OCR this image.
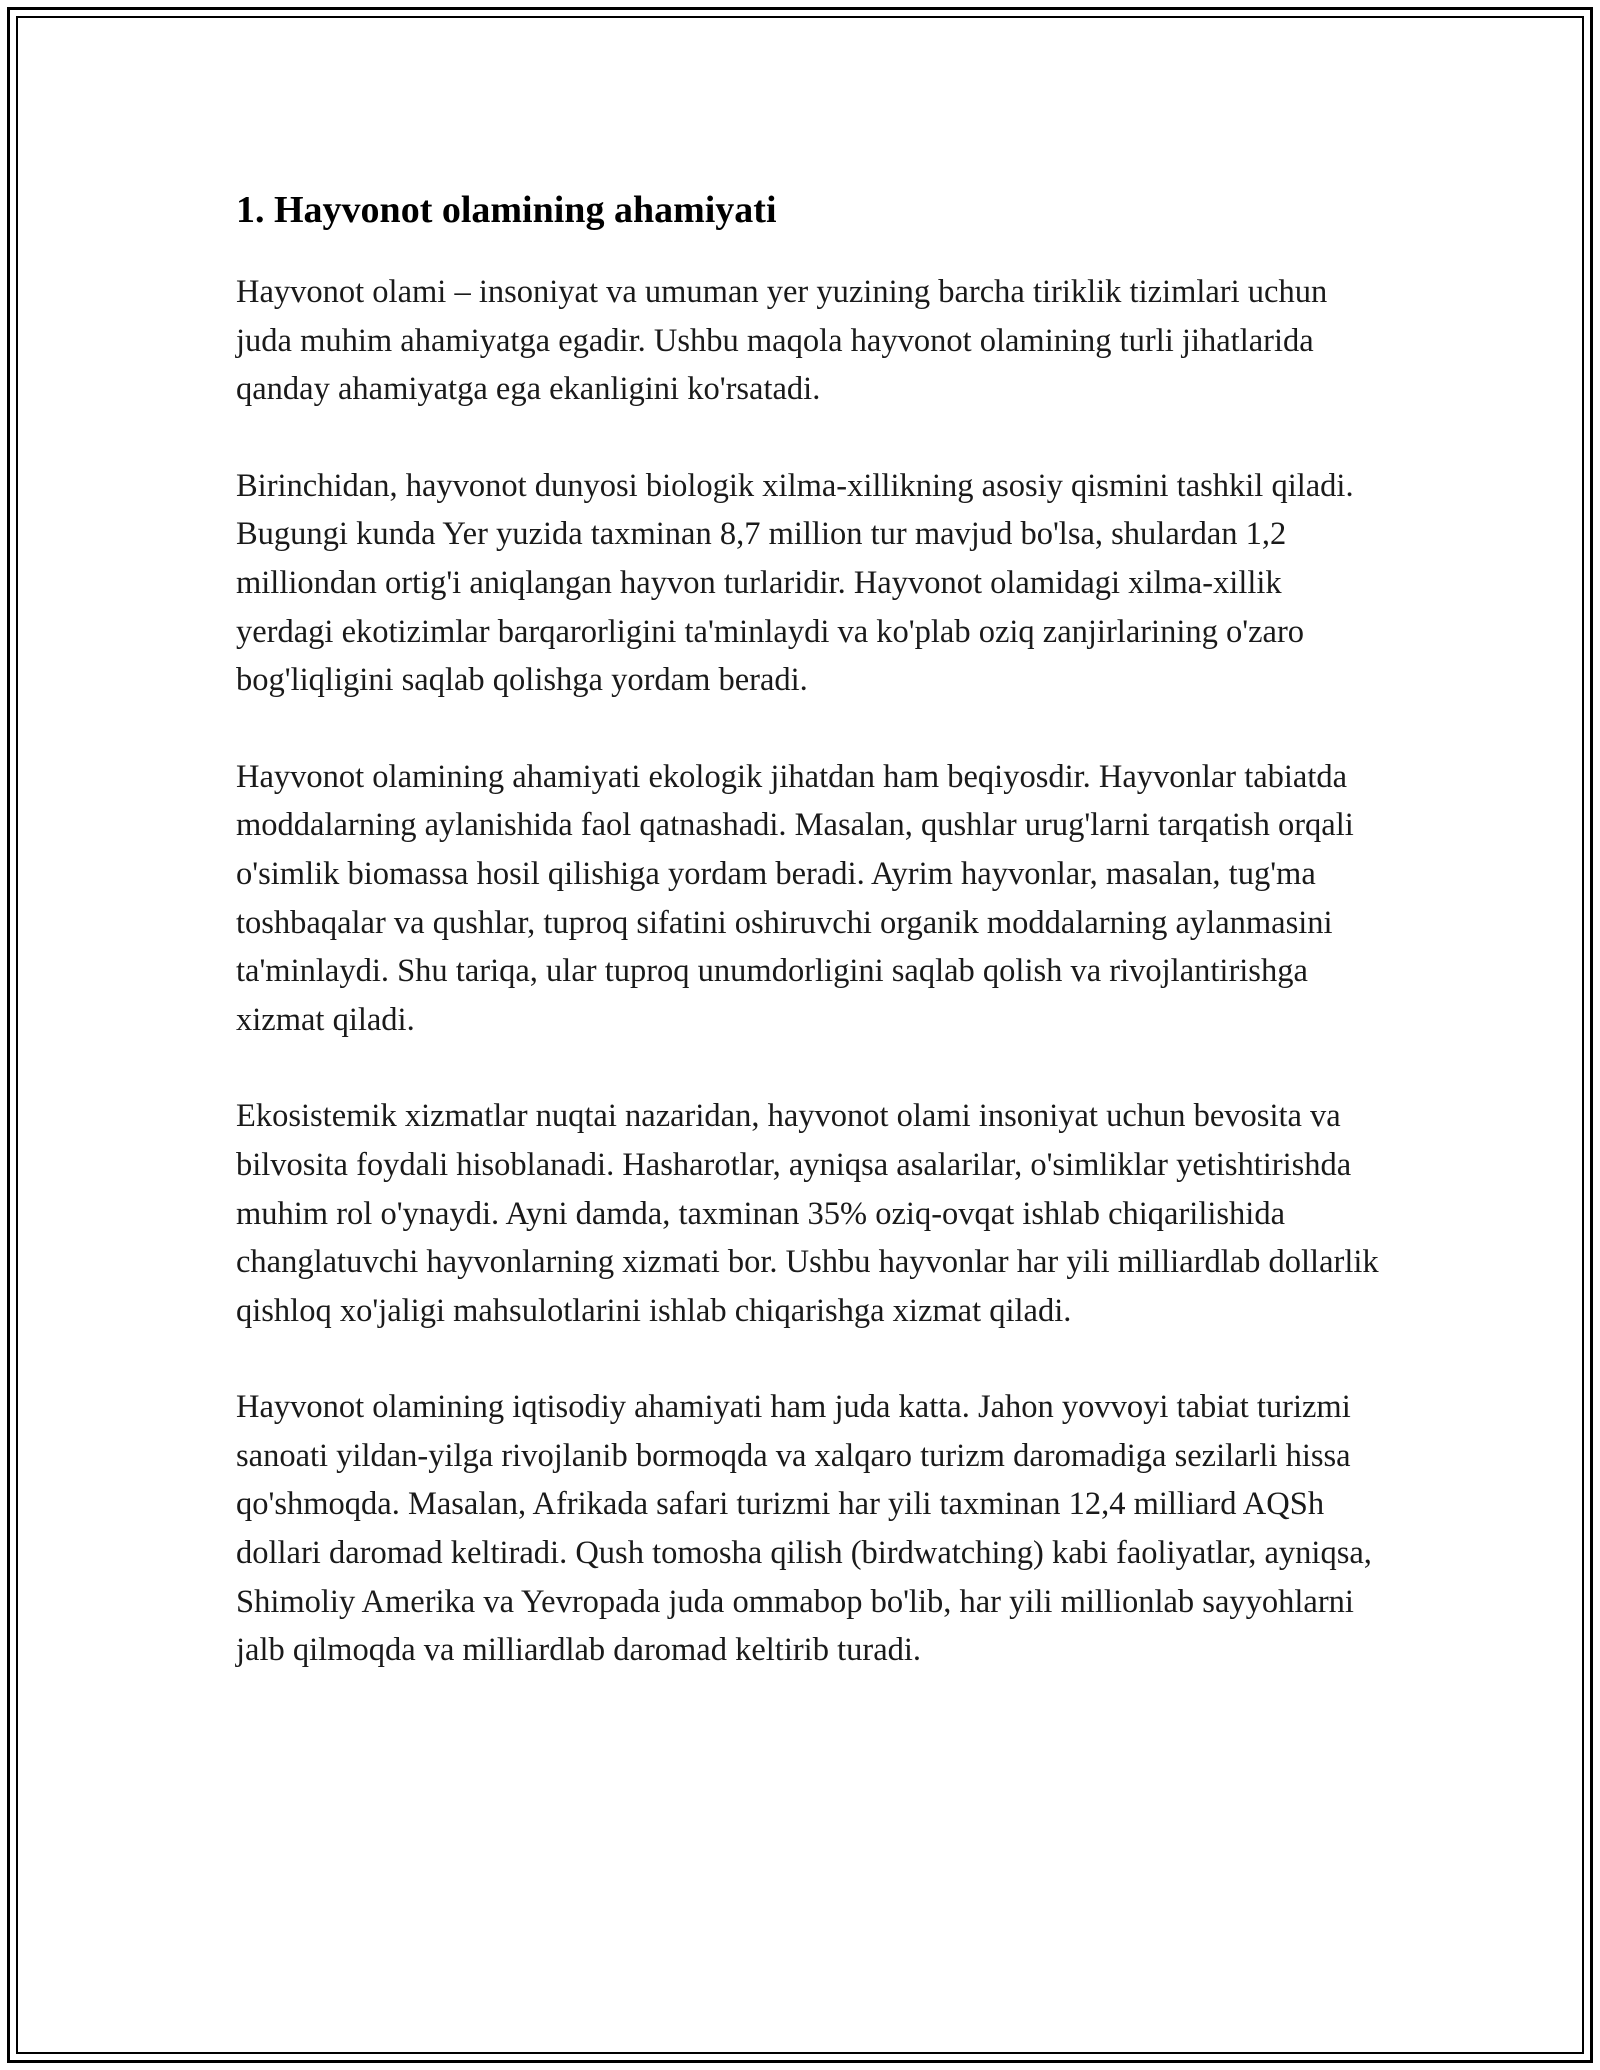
1. Hayvonot olamining ahamiyati

Hayvonot olami – insoniyat va umuman yer yuzining barcha tiriklik tizimlari uchun juda muhim ahamiyatga egadir. Ushbu maqola hayvonot olamining turli jihatlarida qanday ahamiyatga ega ekanligini ko'rsatadi.

Birinchidan, hayvonot dunyosi biologik xilma-xillikning asosiy qismini tashkil qiladi. Bugungi kunda Yer yuzida taxminan 8,7 million tur mavjud bo'lsa, shulardan 1,2 milliondan ortig'i aniqlangan hayvon turlaridir. Hayvonot olamidagi xilma-xillik yerdagi ekotizimlar barqarorligini ta'minlaydi va ko'plab oziq zanjirlarining o'zaro bog'liqligini saqlab qolishga yordam beradi.

Hayvonot olamining ahamiyati ekologik jihatdan ham beqiyosdir. Hayvonlar tabiatda moddalarning aylanishida faol qatnashadi. Masalan, qushlar urug'larni tarqatish orqali o'simlik biomassa hosil qilishiga yordam beradi. Ayrim hayvonlar, masalan, tug'ma toshbaqalar va qushlar, tuproq sifatini oshiruvchi organik moddalarning aylanmasini ta'minlaydi. Shu tariqa, ular tuproq unumdorligini saqlab qolish va rivojlantirishga xizmat qiladi.

Ekosistemik xizmatlar nuqtai nazaridan, hayvonot olami insoniyat uchun bevosita va bilvosita foydali hisoblanadi. Hasharotlar, ayniqsa asalarilar, o'simliklar yetishtirishda muhim rol o'ynaydi. Ayni damda, taxminan 35% oziq-ovqat ishlab chiqarilishida changlatuvchi hayvonlarning xizmati bor. Ushbu hayvonlar har yili milliardlab dollarlik qishloq xo'jaligi mahsulotlarini ishlab chiqarishga xizmat qiladi.

Hayvonot olamining iqtisodiy ahamiyati ham juda katta. Jahon yovvoyi tabiat turizmi sanoati yildan-yilga rivojlanib bormoqda va xalqaro turizm daromadiga sezilarli hissa qo'shmoqda. Masalan, Afrikada safari turizmi har yili taxminan 12,4 milliard AQSh dollari daromad keltiradi. Qush tomosha qilish (birdwatching) kabi faoliyatlar, ayniqsa, Shimoliy Amerika va Yevropada juda ommabop bo'lib, har yili millionlab sayyohlarni jalb qilmoqda va milliardlab daromad keltirib turadi.
